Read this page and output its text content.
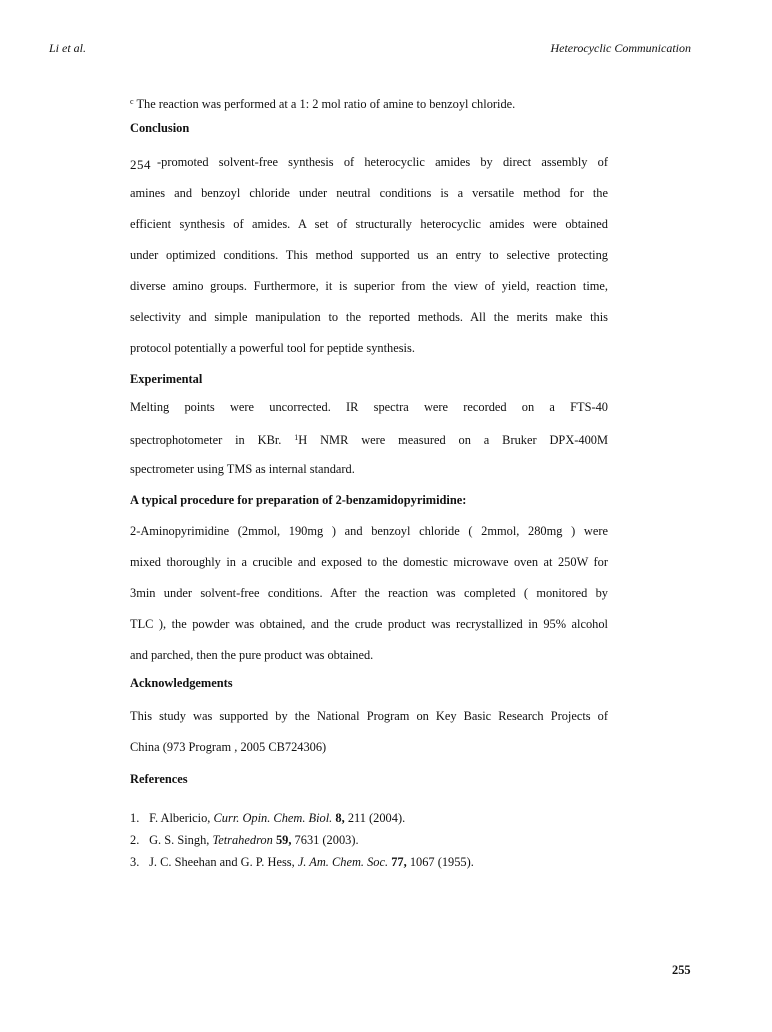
Li et al.	Heterocyclic Communication
$^c$ The reaction was performed at a 1: 2 mol ratio of amine to benzoyl chloride.
Conclusion
254 -promoted solvent-free synthesis of heterocyclic amides by direct assembly of
amines and benzoyl chloride under neutral conditions is a versatile method for the
efficient synthesis of amides. A set of structurally heterocyclic amides were obtained
under optimized conditions. This method supported us an entry to selective protecting
diverse amino groups. Furthermore, it is superior from the view of yield, reaction time,
selectivity and simple manipulation to the reported methods. All the merits make this
protocol potentially a powerful tool for peptide synthesis.
Experimental
Melting points were uncorrected. IR spectra were recorded on a FTS-40
spectrophotometer in KBr. $^1$H NMR were measured on a Bruker DPX-400M
spectrometer using TMS as internal standard.
A typical procedure for preparation of 2-benzamidopyrimidine:
2-Aminopyrimidine (2mmol, 190mg ) and benzoyl chloride ( 2mmol, 280mg ) were
mixed thoroughly in a crucible and exposed to the domestic microwave oven at 250W for
3min under solvent-free conditions. After the reaction was completed ( monitored by
TLC ), the powder was obtained, and the crude product was recrystallized in 95% alcohol
and parched, then the pure product was obtained.
Acknowledgements
This study was supported by the National Program on Key Basic Research Projects of
China (973 Program , 2005 CB724306)
References
1. F. Albericio, Curr. Opin. Chem. Biol. 8, 211 (2004).
2. G. S. Singh, Tetrahedron 59, 7631 (2003).
3. J. C. Sheehan and G. P. Hess, J. Am. Chem. Soc. 77, 1067 (1955).
255
